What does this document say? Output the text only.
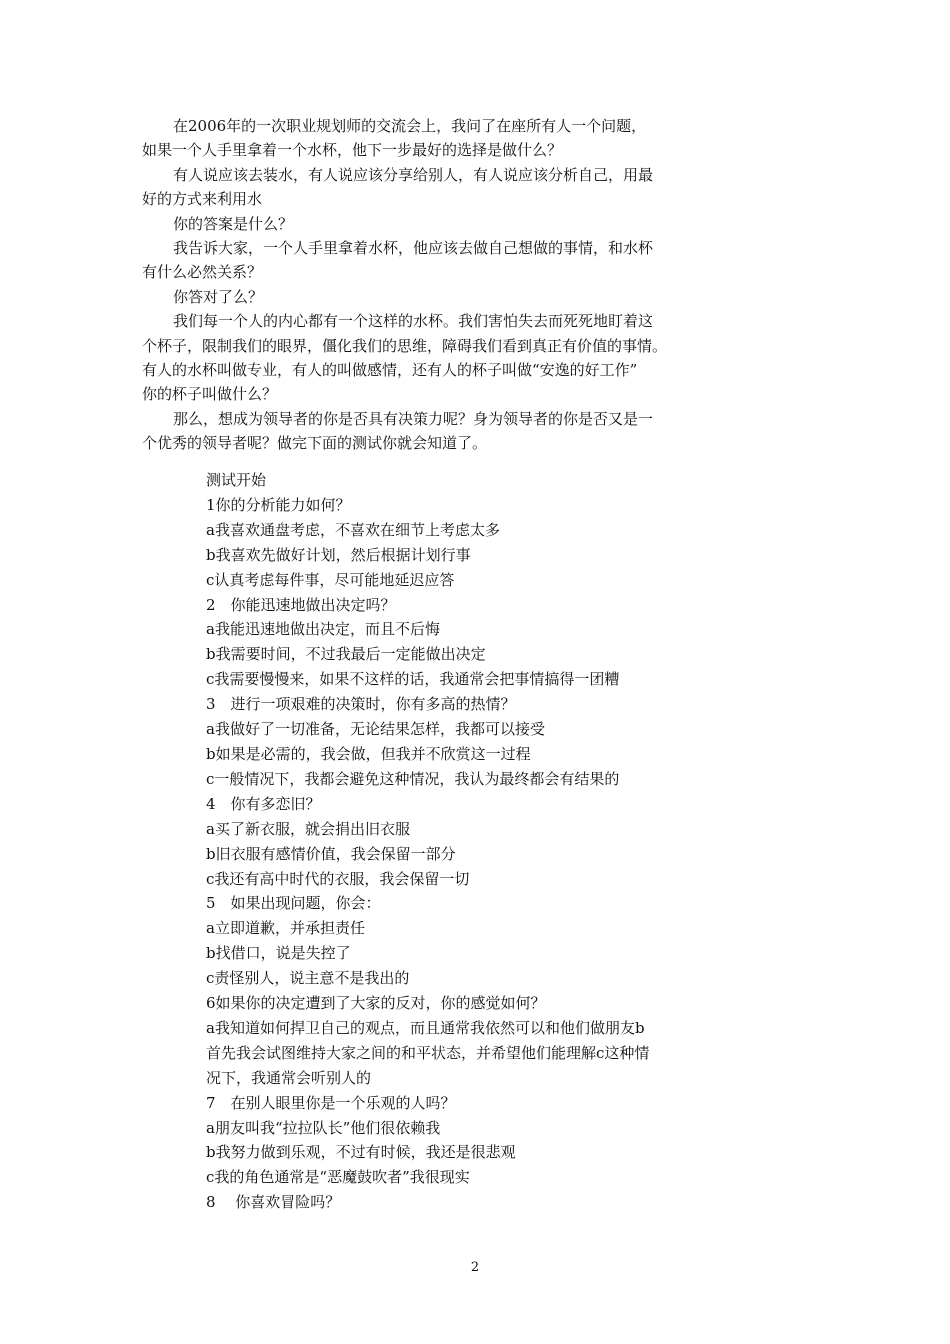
在2006年的一次职业规划师的交流会上，我问了在座所有人一个问题，

如果一个人手里拿着一个水杯，他下一步最好的选择是做什么？

有人说应该去装水，有人说应该分享给别人，有人说应该分析自己，用最

好的方式来利用水

你的答案是什么？

我告诉大家，一个人手里拿着水杯，他应该去做自己想做的事情，和水杯

有什么必然关系？

你答对了么？

我们每一个人的内心都有一个这样的水杯。我们害怕失去而死死地盯着这

个杯子，限制我们的眼界，僵化我们的思维，障碍我们看到真正有价值的事情。

有人的水杯叫做专业，有人的叫做感情，还有人的杯子叫做“安逸的好工作”

你的杯子叫做什么？

那么，想成为领导者的你是否具有决策力呢？身为领导者的你是否又是一

个优秀的领导者呢？做完下面的测试你就会知道了。

测试开始

1你的分析能力如何？

a我喜欢通盘考虑，不喜欢在细节上考虑太多

b我喜欢先做好计划，然后根据计划行事

c认真考虑每件事，尽可能地延迟应答

2　你能迅速地做出决定吗？

a我能迅速地做出决定，而且不后悔

b我需要时间，不过我最后一定能做出决定

c我需要慢慢来，如果不这样的话，我通常会把事情搞得一团糟

3　进行一项艰难的决策时，你有多高的热情？

a我做好了一切准备，无论结果怎样，我都可以接受

b如果是必需的，我会做，但我并不欣赏这一过程

c一般情况下，我都会避免这种情况，我认为最终都会有结果的

4　你有多恋旧？

a买了新衣服，就会捐出旧衣服

b旧衣服有感情价值，我会保留一部分

c我还有高中时代的衣服，我会保留一切

5　如果出现问题，你会：

a立即道歉，并承担责任

b找借口，说是失控了

c责怪别人，说主意不是我出的

6如果你的决定遭到了大家的反对，你的感觉如何？

a我知道如何捍卫自己的观点，而且通常我依然可以和他们做朋友b

首先我会试图维持大家之间的和平状态，并希望他们能理解c这种情

况下，我通常会听别人的

7　在别人眼里你是一个乐观的人吗？

a朋友叫我“拉拉队长”他们很依赖我

b我努力做到乐观，不过有时候，我还是很悲观

c我的角色通常是“恶魔鼓吹者”我很现实

8　 你喜欢冒险吗？

2
